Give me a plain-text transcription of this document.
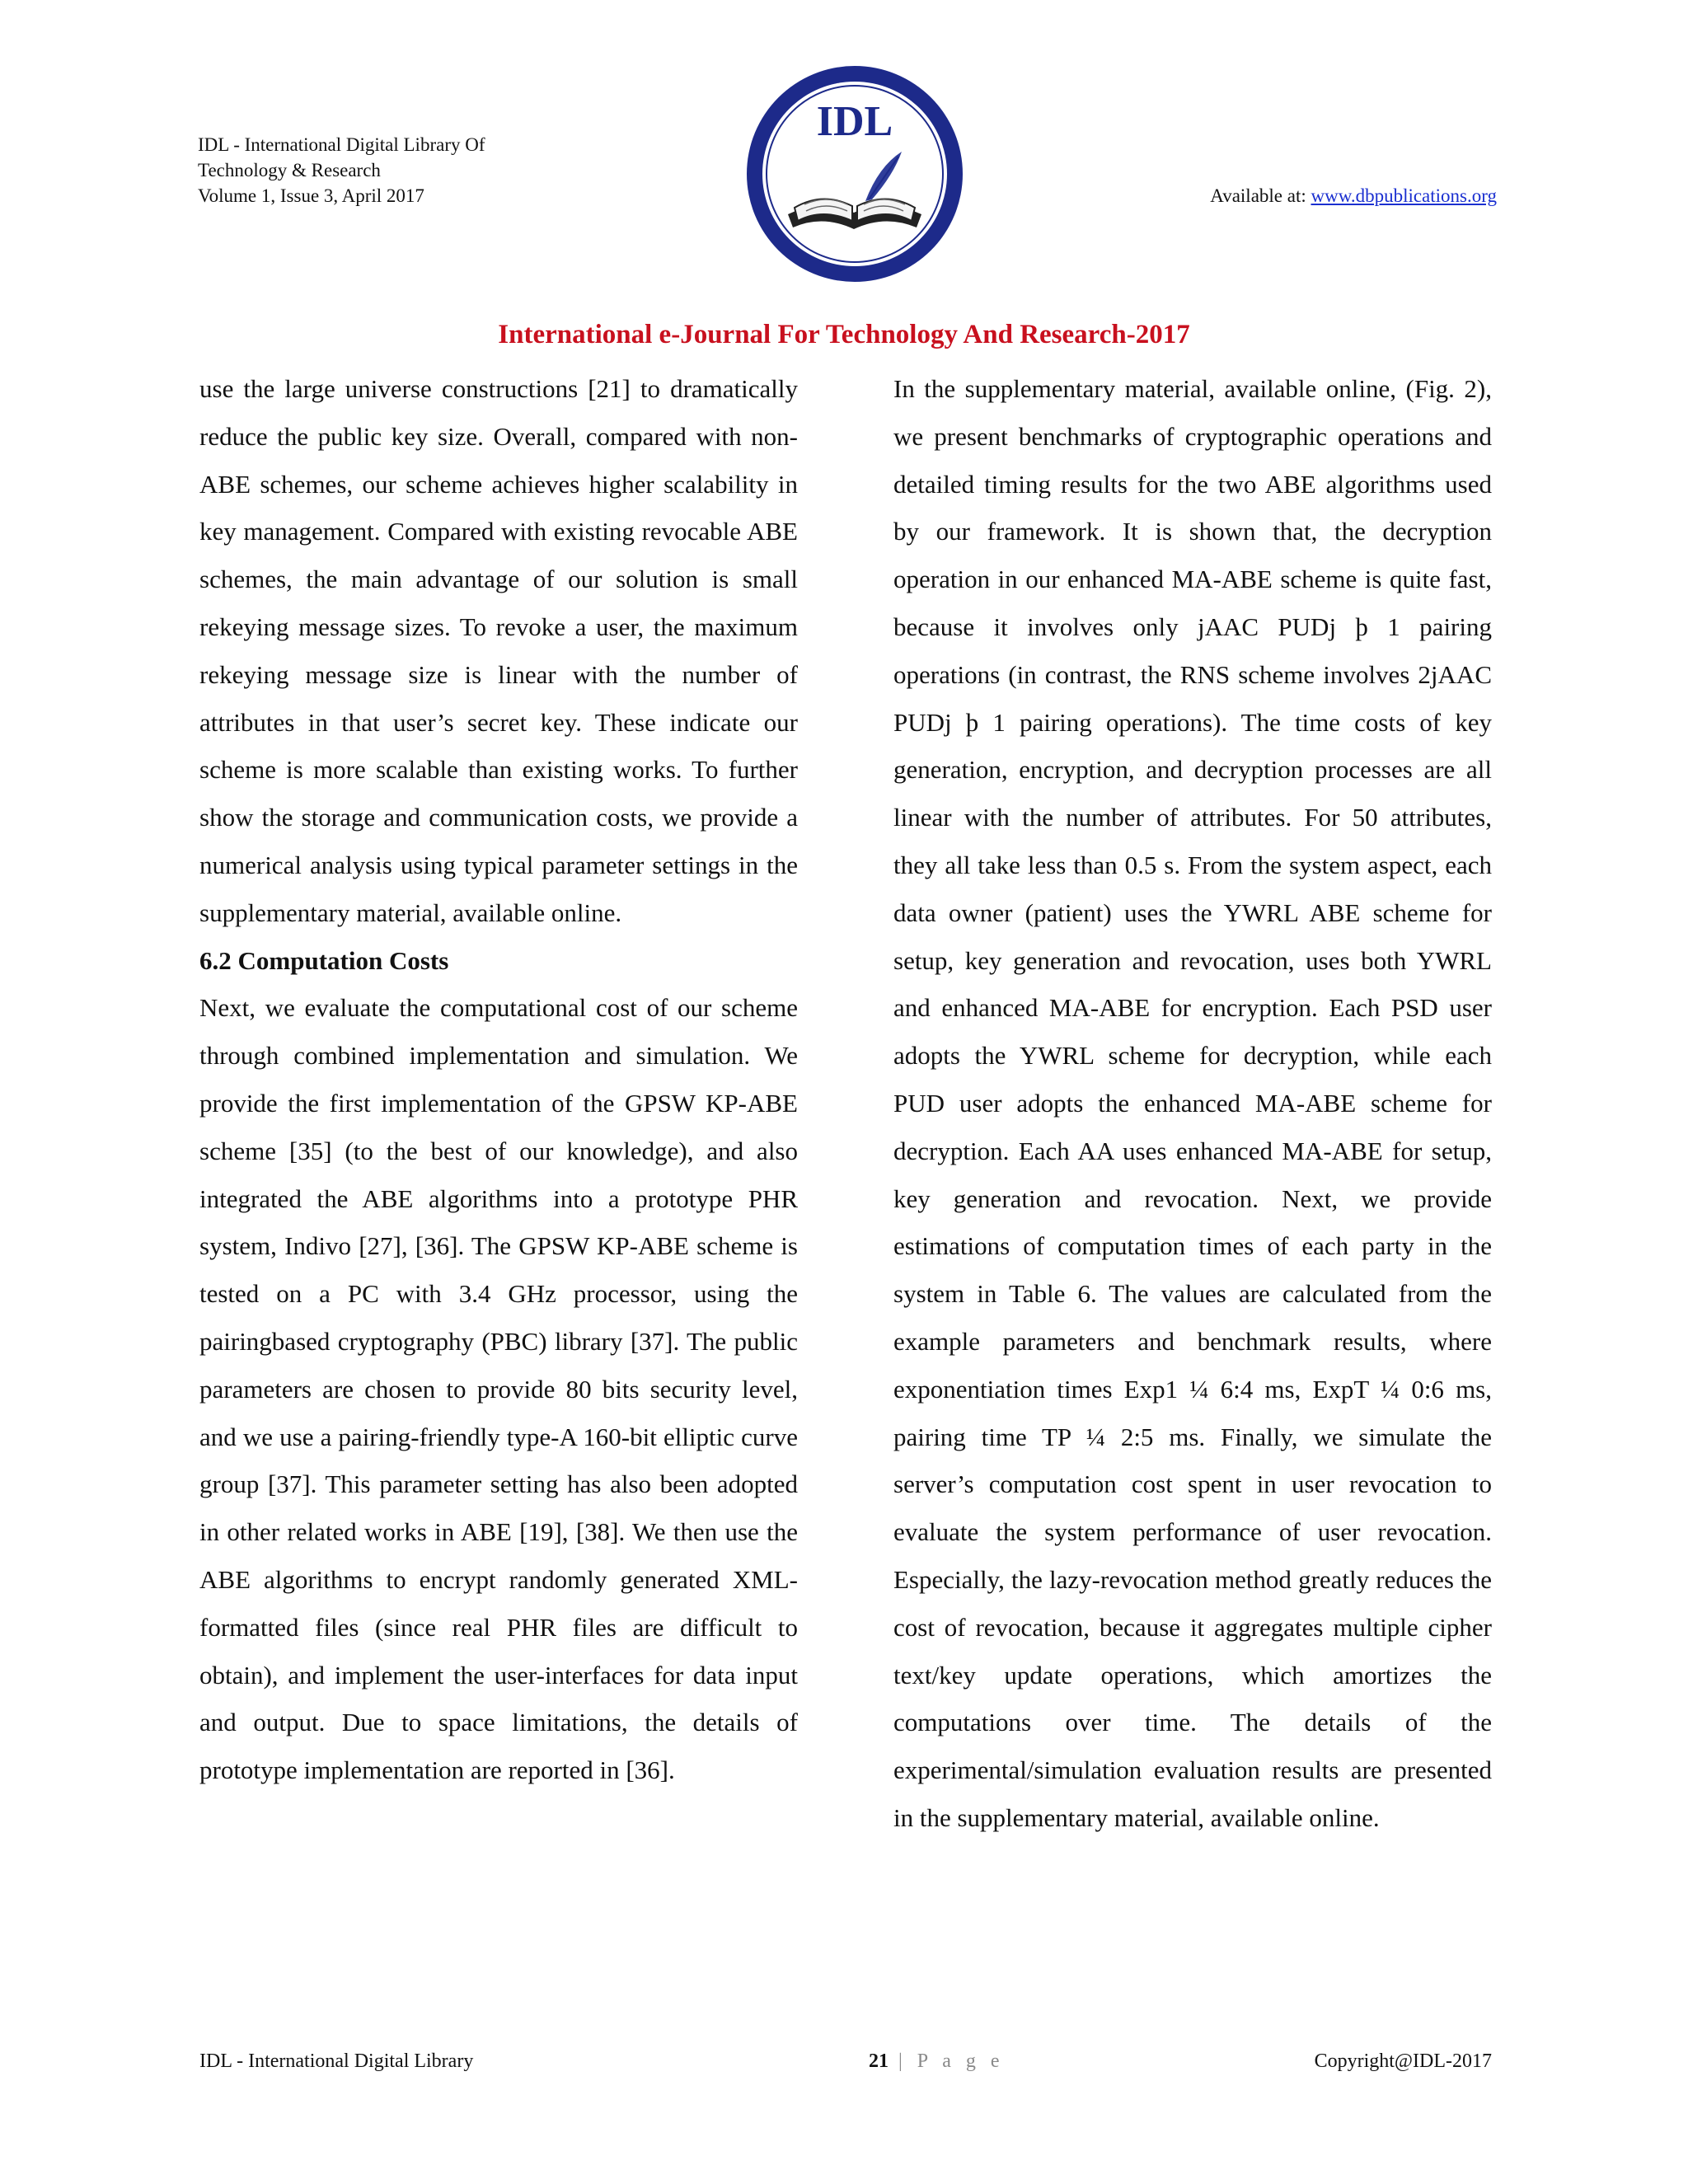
IDL - International Digital Library Of
Technology & Research
Volume 1, Issue 3, April 2017
IDL
Available at: www.dbpublications.org
International e-Journal For Technology And Research-2017

use the large universe constructions [21] to dramatically reduce the public key size. Overall, compared with non-ABE schemes, our scheme achieves higher scalability in key management. Compared with existing revocable ABE schemes, the main advantage of our solution is small rekeying message sizes. To revoke a user, the maximum rekeying message size is linear with the number of attributes in that user’s secret key. These indicate our scheme is more scalable than existing works. To further show the storage and communication costs, we provide a numerical analysis using typical parameter settings in the supplementary material, available online.

6.2 Computation Costs

Next, we evaluate the computational cost of our scheme through combined implementation and simulation. We provide the first implementation of the GPSW KP-ABE scheme [35] (to the best of our knowledge), and also integrated the ABE algorithms into a prototype PHR system, Indivo [27], [36]. The GPSW KP-ABE scheme is tested on a PC with 3.4 GHz processor, using the pairingbased cryptography (PBC) library [37]. The public parameters are chosen to provide 80 bits security level, and we use a pairing-friendly type-A 160-bit elliptic curve group [37]. This parameter setting has also been adopted in other related works in ABE [19], [38]. We then use the ABE algorithms to encrypt randomly generated XML-formatted files (since real PHR files are difficult to obtain), and implement the user-interfaces for data input and output. Due to space limitations, the details of prototype implementation are reported in [36].

In the supplementary material, available online, (Fig. 2), we present benchmarks of cryptographic operations and detailed timing results for the two ABE algorithms used by our framework. It is shown that, the decryption operation in our enhanced MA-ABE scheme is quite fast, because it involves only jAAC PUDj þ 1 pairing operations (in contrast, the RNS scheme involves 2jAAC PUDj þ 1 pairing operations). The time costs of key generation, encryption, and decryption processes are all linear with the number of attributes. For 50 attributes, they all take less than 0.5 s. From the system aspect, each data owner (patient) uses the YWRL ABE scheme for setup, key generation and revocation, uses both YWRL and enhanced MA-ABE for encryption. Each PSD user adopts the YWRL scheme for decryption, while each PUD user adopts the enhanced MA-ABE scheme for decryption. Each AA uses enhanced MA-ABE for setup, key generation and revocation. Next, we provide estimations of computation times of each party in the system in Table 6. The values are calculated from the example parameters and benchmark results, where exponentiation times Exp1 ¼ 6:4 ms, ExpT ¼ 0:6 ms, pairing time TP ¼ 2:5 ms. Finally, we simulate the server’s computation cost spent in user revocation to evaluate the system performance of user revocation. Especially, the lazy-revocation method greatly reduces the cost of revocation, because it aggregates multiple cipher text/key update operations, which amortizes the computations over time. The details of the experimental/simulation evaluation results are presented in the supplementary material, available online.

IDL - International Digital Library	21 | P a g e	Copyright@IDL-2017
